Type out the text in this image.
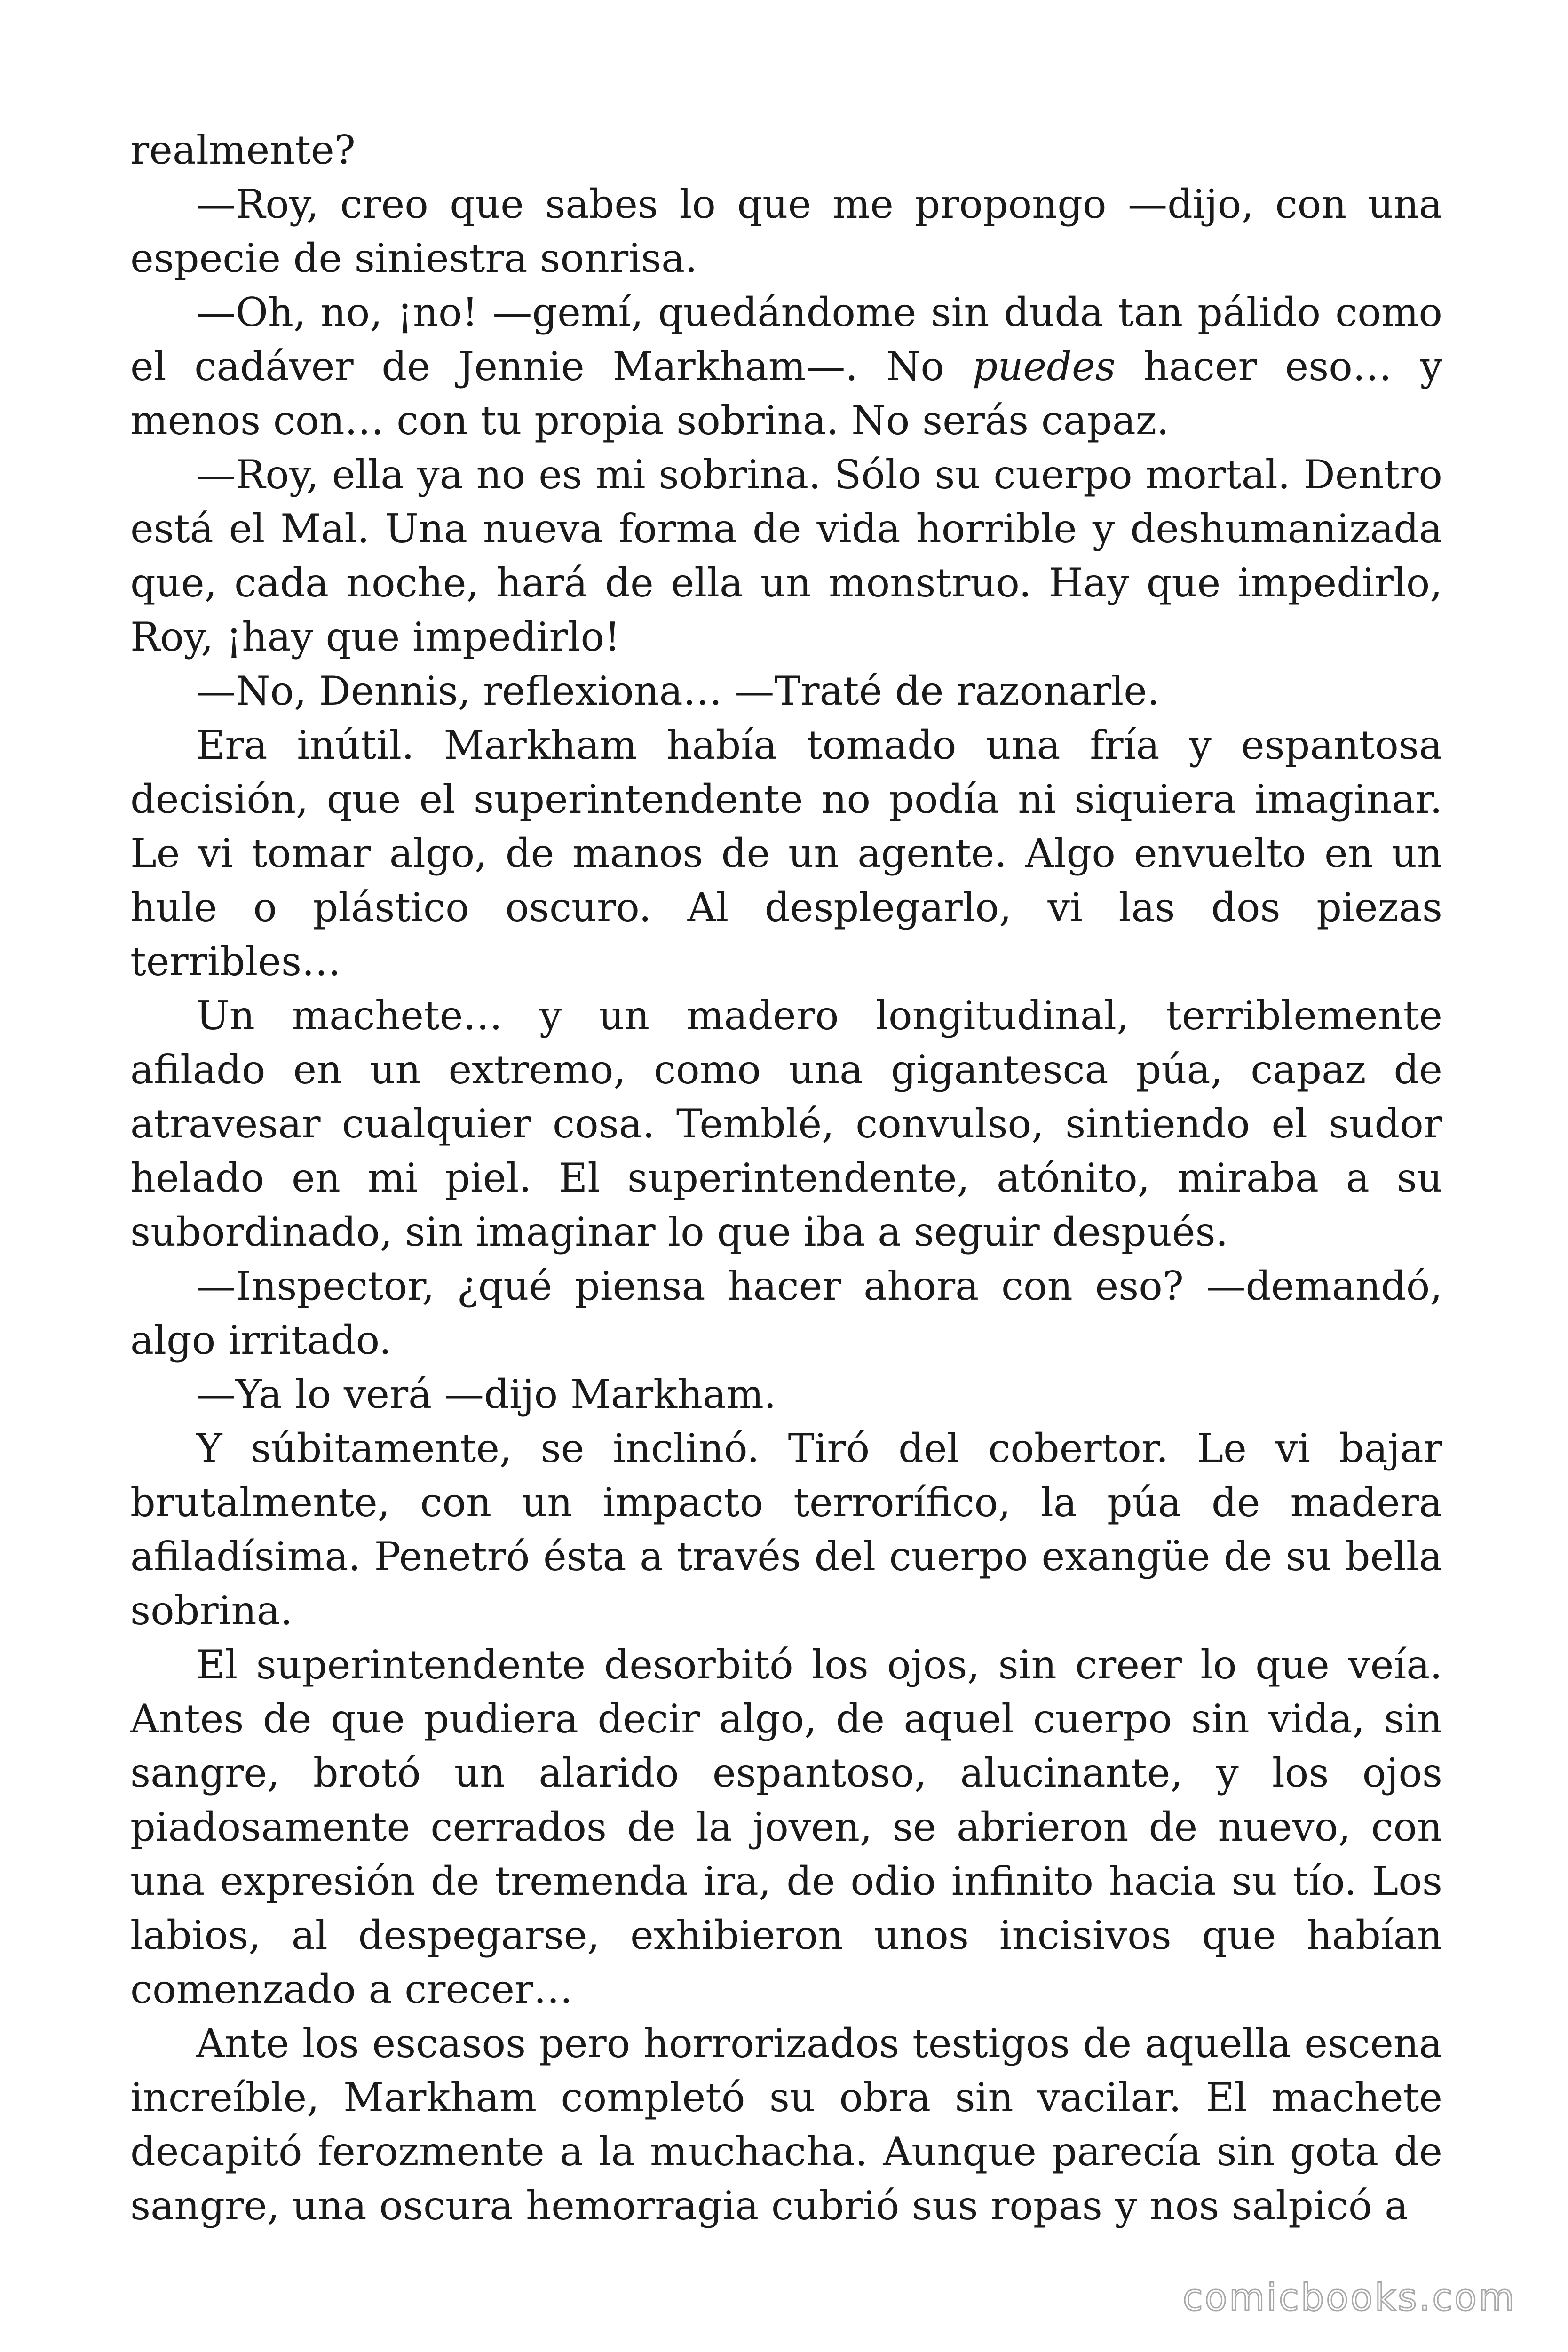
realmente?

—Roy, creo que sabes lo que me propongo —dijo, con una especie de siniestra sonrisa.

—Oh, no, ¡no! —gemí, quedándome sin duda tan pálido como el cadáver de Jennie Markham—. No puedes hacer eso… y menos con… con tu propia sobrina. No serás capaz.

—Roy, ella ya no es mi sobrina. Sólo su cuerpo mortal. Dentro está el Mal. Una nueva forma de vida horrible y deshumanizada que, cada noche, hará de ella un monstruo. Hay que impedirlo, Roy, ¡hay que impedirlo!

—No, Dennis, reflexiona… —Traté de razonarle.

Era inútil. Markham había tomado una fría y espantosa decisión, que el superintendente no podía ni siquiera imaginar. Le vi tomar algo, de manos de un agente. Algo envuelto en un hule o plástico oscuro. Al desplegarlo, vi las dos piezas terribles…

Un machete… y un madero longitudinal, terriblemente afilado en un extremo, como una gigantesca púa, capaz de atravesar cualquier cosa. Temblé, convulso, sintiendo el sudor helado en mi piel. El superintendente, atónito, miraba a su subordinado, sin imaginar lo que iba a seguir después.

—Inspector, ¿qué piensa hacer ahora con eso? —demandó, algo irritado.

—Ya lo verá —dijo Markham.

Y súbitamente, se inclinó. Tiró del cobertor. Le vi bajar brutalmente, con un impacto terrorífico, la púa de madera afiladísima. Penetró ésta a través del cuerpo exangüe de su bella sobrina.

El superintendente desorbitó los ojos, sin creer lo que veía. Antes de que pudiera decir algo, de aquel cuerpo sin vida, sin sangre, brotó un alarido espantoso, alucinante, y los ojos piadosamente cerrados de la joven, se abrieron de nuevo, con una expresión de tremenda ira, de odio infinito hacia su tío. Los labios, al despegarse, exhibieron unos incisivos que habían comenzado a crecer…

Ante los escasos pero horrorizados testigos de aquella escena increíble, Markham completó su obra sin vacilar. El machete decapitó ferozmente a la muchacha. Aunque parecía sin gota de sangre, una oscura hemorragia cubrió sus ropas y nos salpicó a

comicbooks.com
